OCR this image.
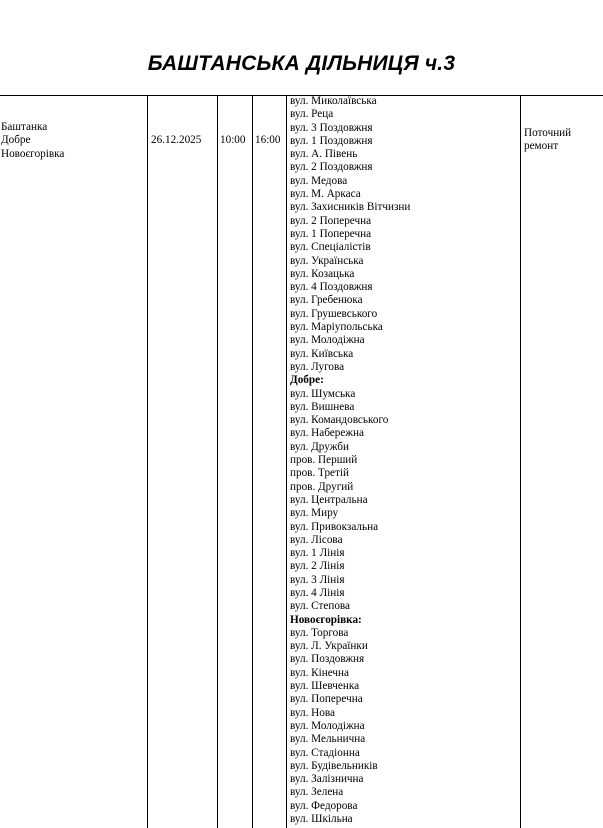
БАШТАНСЬКА ДІЛЬНИЦЯ ч.3
Баштанка
Добре
Новоєгорівка
26.12.2025 10:00 16:00
вул. Миколаївська
вул. Реца
вул. 3 Поздовжня
вул. 1 Поздовжня
вул. А. Півень
вул. 2 Поздовжня
вул. Медова
вул. М. Аркаса
вул. Захисників Вітчизни
вул. 2 Поперечна
вул. 1 Поперечна
вул. Спеціалістів
вул. Українська
вул. Козацька
вул. 4 Поздовжня
вул. Гребенюка
вул. Грушевського
вул. Маріупольська
вул. Молодіжна
вул. Київська
вул. Лугова
Добре:
вул. Шумська
вул. Вишнева
вул. Командовського
вул. Набережна
вул. Дружби
пров. Перший
пров. Третій
пров. Другий
вул. Центральна
вул. Миру
вул. Привокзальна
вул. Лісова
вул. 1 Лінія
вул. 2 Лінія
вул. 3 Лінія
вул. 4 Лінія
вул. Степова
Новоєгорівка:
вул. Торгова
вул. Л. Українки
вул. Поздовжня
вул. Кінечна
вул. Шевченка
вул. Поперечна
вул. Нова
вул. Молодіжна
вул. Мельнична
вул. Стадіонна
вул. Будівельників
вул. Залізнична
вул. Зелена
вул. Федорова
вул. Шкільна
Поточний
ремонт
